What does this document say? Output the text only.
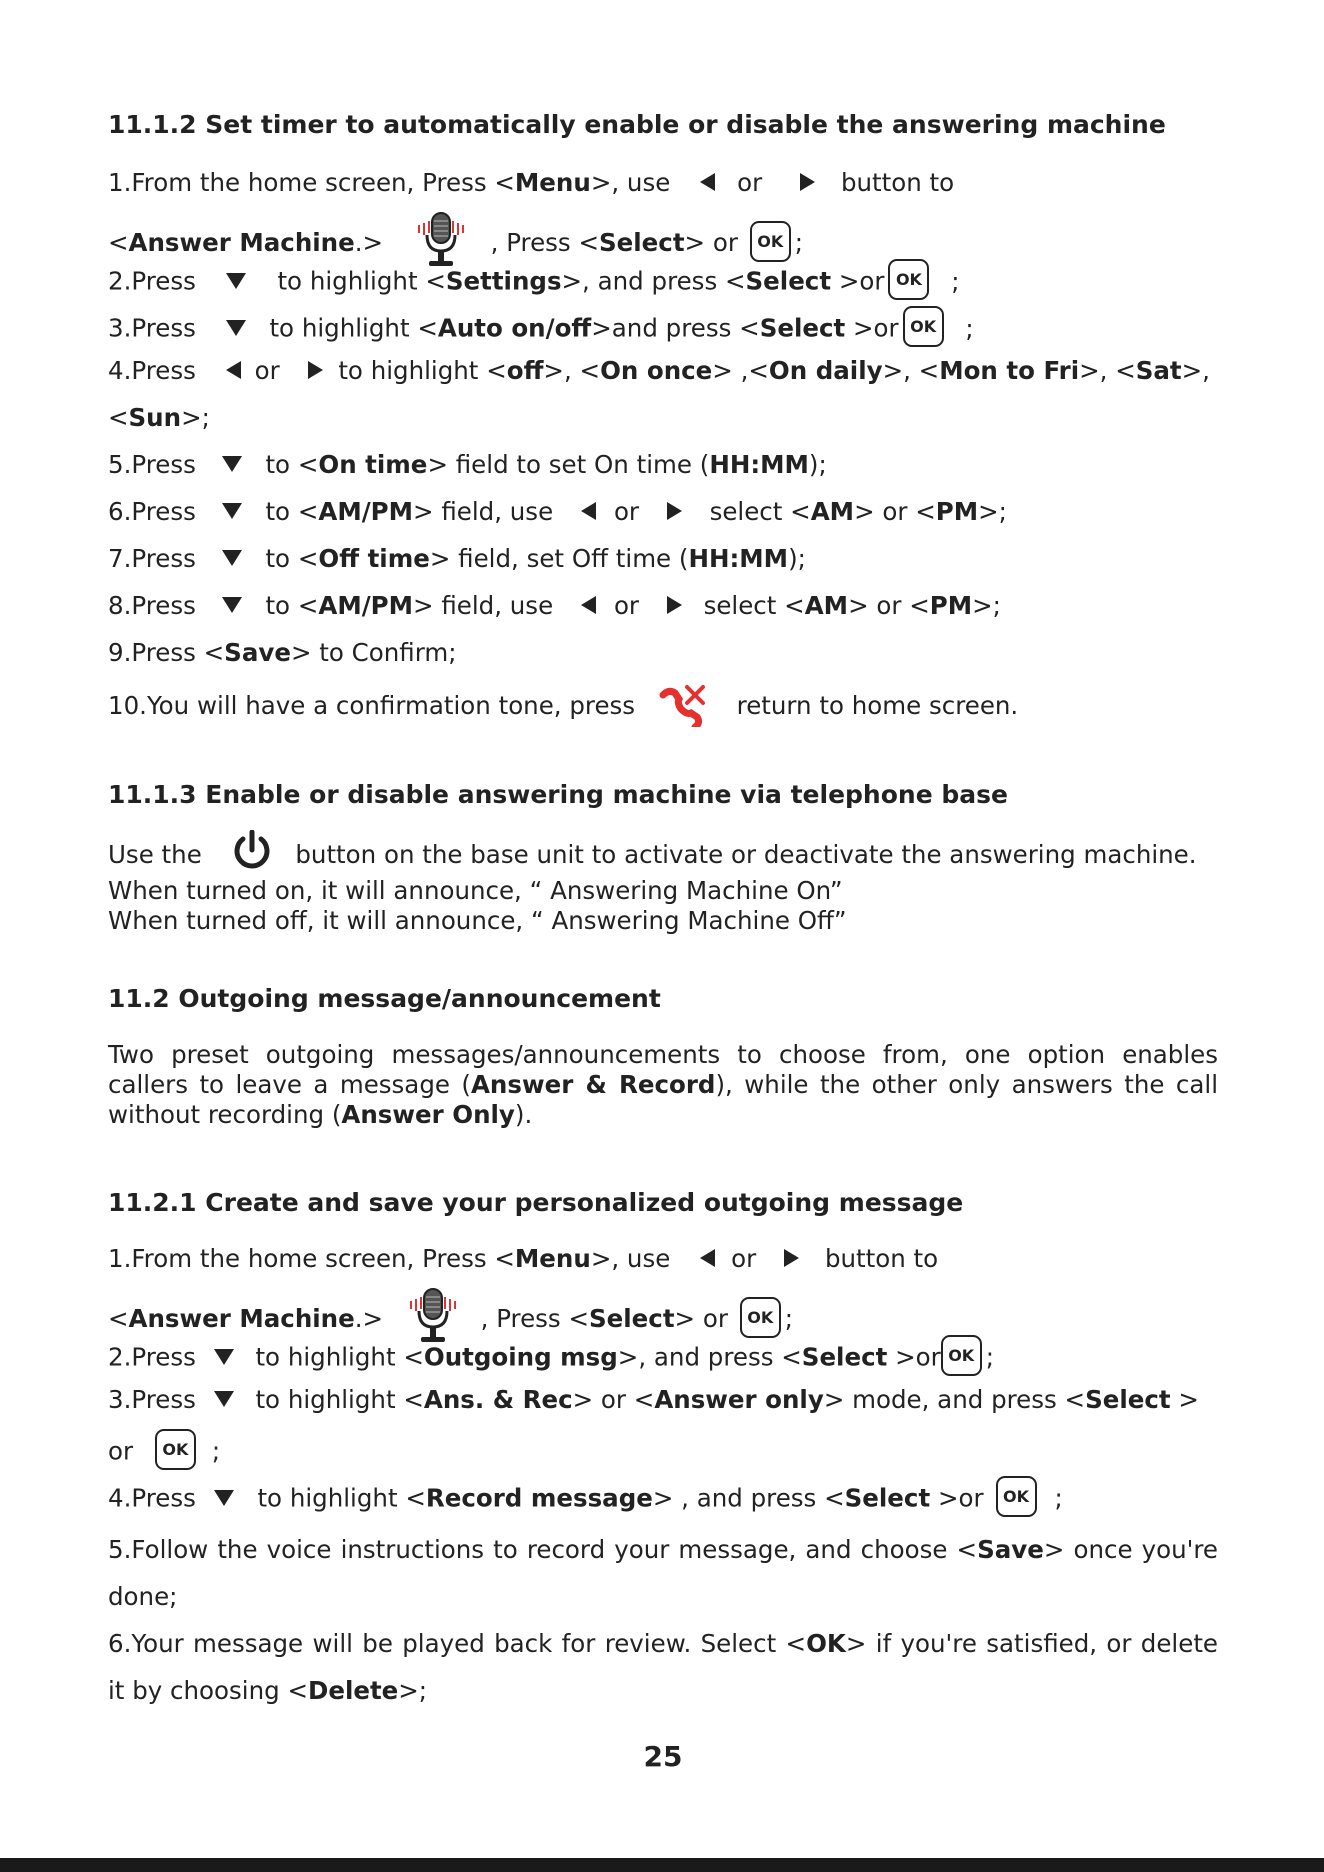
11.1.2 Set timer to automatically enable or disable the answering machine
1.From the home screen, Press <Menu>, use	or	button to
<Answer Machine.>	, Press <Select> or OK ;
2.Press	to highlight <Settings>, and press <Select >or OK ;
3.Press	to highlight <Auto on/off>and press <Select >or OK ;
4.Press or to highlight <off>, <On once> ,<On daily>, <Mon to Fri>, <Sat>,
<Sun>;
5.Press	to <On time> field to set On time (HH:MM);
6.Press	to <AM/PM> field, use or	select <AM> or <PM>;
7.Press	to <Off time> field, set Off time (HH:MM);
8.Press	to <AM/PM> field, use or	select <AM> or <PM>;
9.Press <Save> to Confirm;
10.You will have a confirmation tone, press	return to home screen.
11.1.3 Enable or disable answering machine via telephone base
Use the	button on the base unit to activate or deactivate the answering machine.
When turned on, it will announce, “ Answering Machine On”
When turned off, it will announce, “ Answering Machine Off”
11.2 Outgoing message/announcement
Two preset outgoing messages/announcements to choose from, one option enables
callers to leave a message (Answer & Record), while the other only answers the call
without recording (Answer Only).
11.2.1 Create and save your personalized outgoing message
1.From the home screen, Press <Menu>, use or	button to
<Answer Machine.>	, Press <Select> or OK ;
2.Press to highlight <Outgoing msg>, and press <Select >or OK ;
3.Press to highlight <Ans. & Rec> or <Answer only> mode, and press <Select >
or OK ;
4.Press	to highlight <Record message> , and press <Select >or OK ;
5.Follow the voice instructions to record your message, and choose <Save> once you're
done;
6.Your message will be played back for review. Select <OK> if you're satisfied, or delete
it by choosing <Delete>;
25
